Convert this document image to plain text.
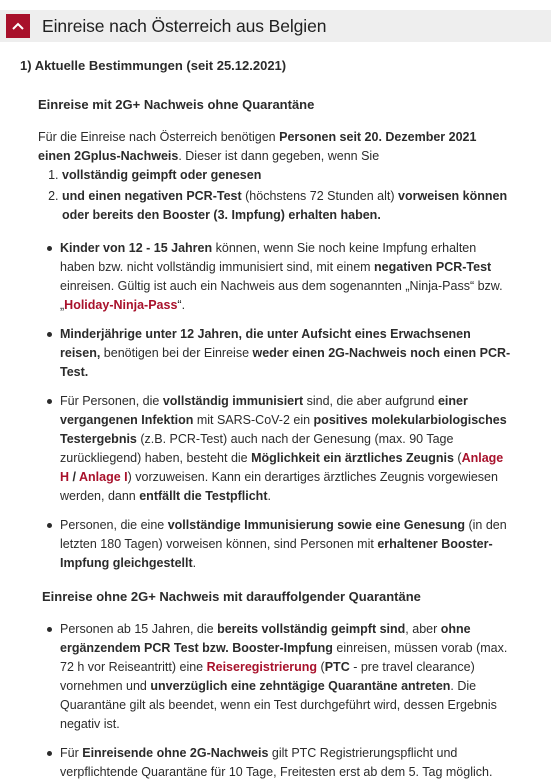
Einreise nach Österreich aus Belgien
1) Aktuelle Bestimmungen (seit 25.12.2021)
Einreise mit 2G+ Nachweis ohne Quarantäne

Für die Einreise nach Österreich benötigen Personen seit 20. Dezember 2021 einen 2Gplus-Nachweis. Dieser ist dann gegeben, wenn Sie

1. vollständig geimpft oder genesen
2. und einen negativen PCR-Test (höchstens 72 Stunden alt) vorweisen können oder bereits den Booster (3. Impfung) erhalten haben.
Kinder von 12 - 15 Jahren können, wenn Sie noch keine Impfung erhalten haben bzw. nicht vollständig immunisiert sind, mit einem negativen PCR-Test einreisen. Gültig ist auch ein Nachweis aus dem sogenannten „Ninja-Pass“ bzw. „Holiday-Ninja-Pass“.
Minderjährige unter 12 Jahren, die unter Aufsicht eines Erwachsenen reisen, benötigen bei der Einreise weder einen 2G-Nachweis noch einen PCR-Test.
Für Personen, die vollständig immunisiert sind, die aber aufgrund einer vergangenen Infektion mit SARS-CoV-2 ein positives molekularbiologisches Testergebnis (z.B. PCR-Test) auch nach der Genesung (max. 90 Tage zurückliegend) haben, besteht die Möglichkeit ein ärztliches Zeugnis (Anlage H / Anlage I) vorzuweisen. Kann ein derartiges ärztliches Zeugnis vorgewiesen werden, dann entfällt die Testpflicht.
Personen, die eine vollständige Immunisierung sowie eine Genesung (in den letzten 180 Tagen) vorweisen können, sind Personen mit erhaltener Booster-Impfung gleichgestellt.
Einreise ohne 2G+ Nachweis mit darauffolgender Quarantäne
Personen ab 15 Jahren, die bereits vollständig geimpft sind, aber ohne ergänzendem PCR Test bzw. Booster-Impfung einreisen, müssen vorab (max. 72 h vor Reiseantritt) eine Reiseregistrierung (PTC - pre travel clearance) vornehmen und unverzüglich eine zehntägige Quarantäne antreten. Die Quarantäne gilt als beendet, wenn ein Test durchgeführt wird, dessen Ergebnis negativ ist.
Für Einreisende ohne 2G-Nachweis gilt PTC Registrierungspflicht und verpflichtende Quarantäne für 10 Tage, Freitesten erst ab dem 5. Tag möglich.
